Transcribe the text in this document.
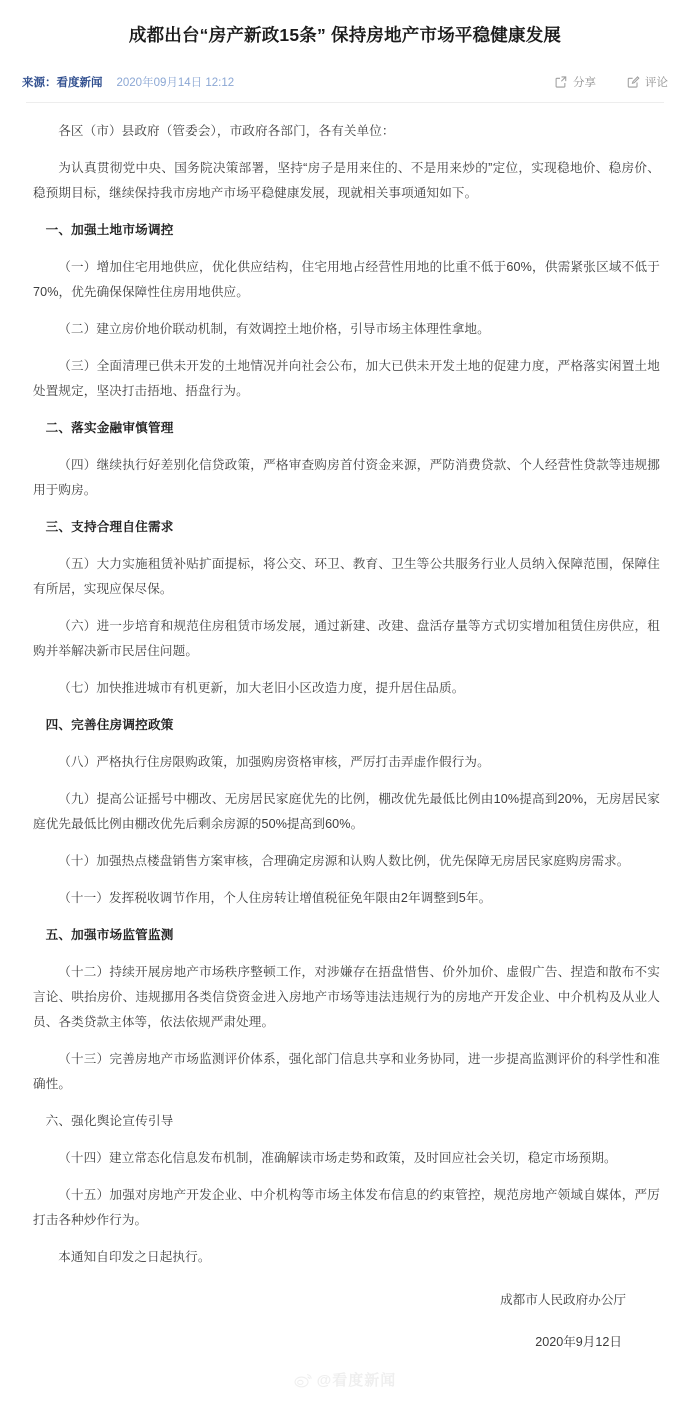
成都出台“房产新政15条” 保持房地产市场平稳健康发展
来源：看度新闻 2020年09月14日 12:12	分享	评论

各区（市）县政府（管委会），市政府各部门，各有关单位：

为认真贯彻党中央、国务院决策部署，坚持“房子是用来住的、不是用来炒的”定位，实现稳地价、稳房价、稳预期目标，继续保持我市房地产市场平稳健康发展，现就相关事项通知如下。

一、加强土地市场调控

（一）增加住宅用地供应，优化供应结构，住宅用地占经营性用地的比重不低于60%，供需紧张区域不低于70%，优先确保保障性住房用地供应。

（二）建立房价地价联动机制，有效调控土地价格，引导市场主体理性拿地。

（三）全面清理已供未开发的土地情况并向社会公布，加大已供未开发土地的促建力度，严格落实闲置土地处置规定，坚决打击捂地、捂盘行为。

二、落实金融审慎管理

（四）继续执行好差别化信贷政策，严格审查购房首付资金来源，严防消费贷款、个人经营性贷款等违规挪用于购房。

三、支持合理自住需求

（五）大力实施租赁补贴扩面提标，将公交、环卫、教育、卫生等公共服务行业人员纳入保障范围，保障住有所居，实现应保尽保。

（六）进一步培育和规范住房租赁市场发展，通过新建、改建、盘活存量等方式切实增加租赁住房供应，租购并举解决新市民居住问题。

（七）加快推进城市有机更新，加大老旧小区改造力度，提升居住品质。

四、完善住房调控政策

（八）严格执行住房限购政策，加强购房资格审核，严厉打击弄虚作假行为。

（九）提高公证摇号中棚改、无房居民家庭优先的比例，棚改优先最低比例由10%提高到20%，无房居民家庭优先最低比例由棚改优先后剩余房源的50%提高到60%。

（十）加强热点楼盘销售方案审核，合理确定房源和认购人数比例，优先保障无房居民家庭购房需求。

（十一）发挥税收调节作用，个人住房转让增值税征免年限由2年调整到5年。

五、加强市场监管监测

（十二）持续开展房地产市场秩序整顿工作，对涉嫌存在捂盘惜售、价外加价、虚假广告、捏造和散布不实言论、哄抬房价、违规挪用各类信贷资金进入房地产市场等违法违规行为的房地产开发企业、中介机构及从业人员、各类贷款主体等，依法依规严肃处理。

（十三）完善房地产市场监测评价体系，强化部门信息共享和业务协同，进一步提高监测评价的科学性和准确性。

六、强化舆论宣传引导

（十四）建立常态化信息发布机制，准确解读市场走势和政策，及时回应社会关切，稳定市场预期。

（十五）加强对房地产开发企业、中介机构等市场主体发布信息的约束管控，规范房地产领域自媒体，严厉打击各种炒作行为。

本通知自印发之日起执行。

成都市人民政府办公厅
2020年9月12日
@看度新闻
